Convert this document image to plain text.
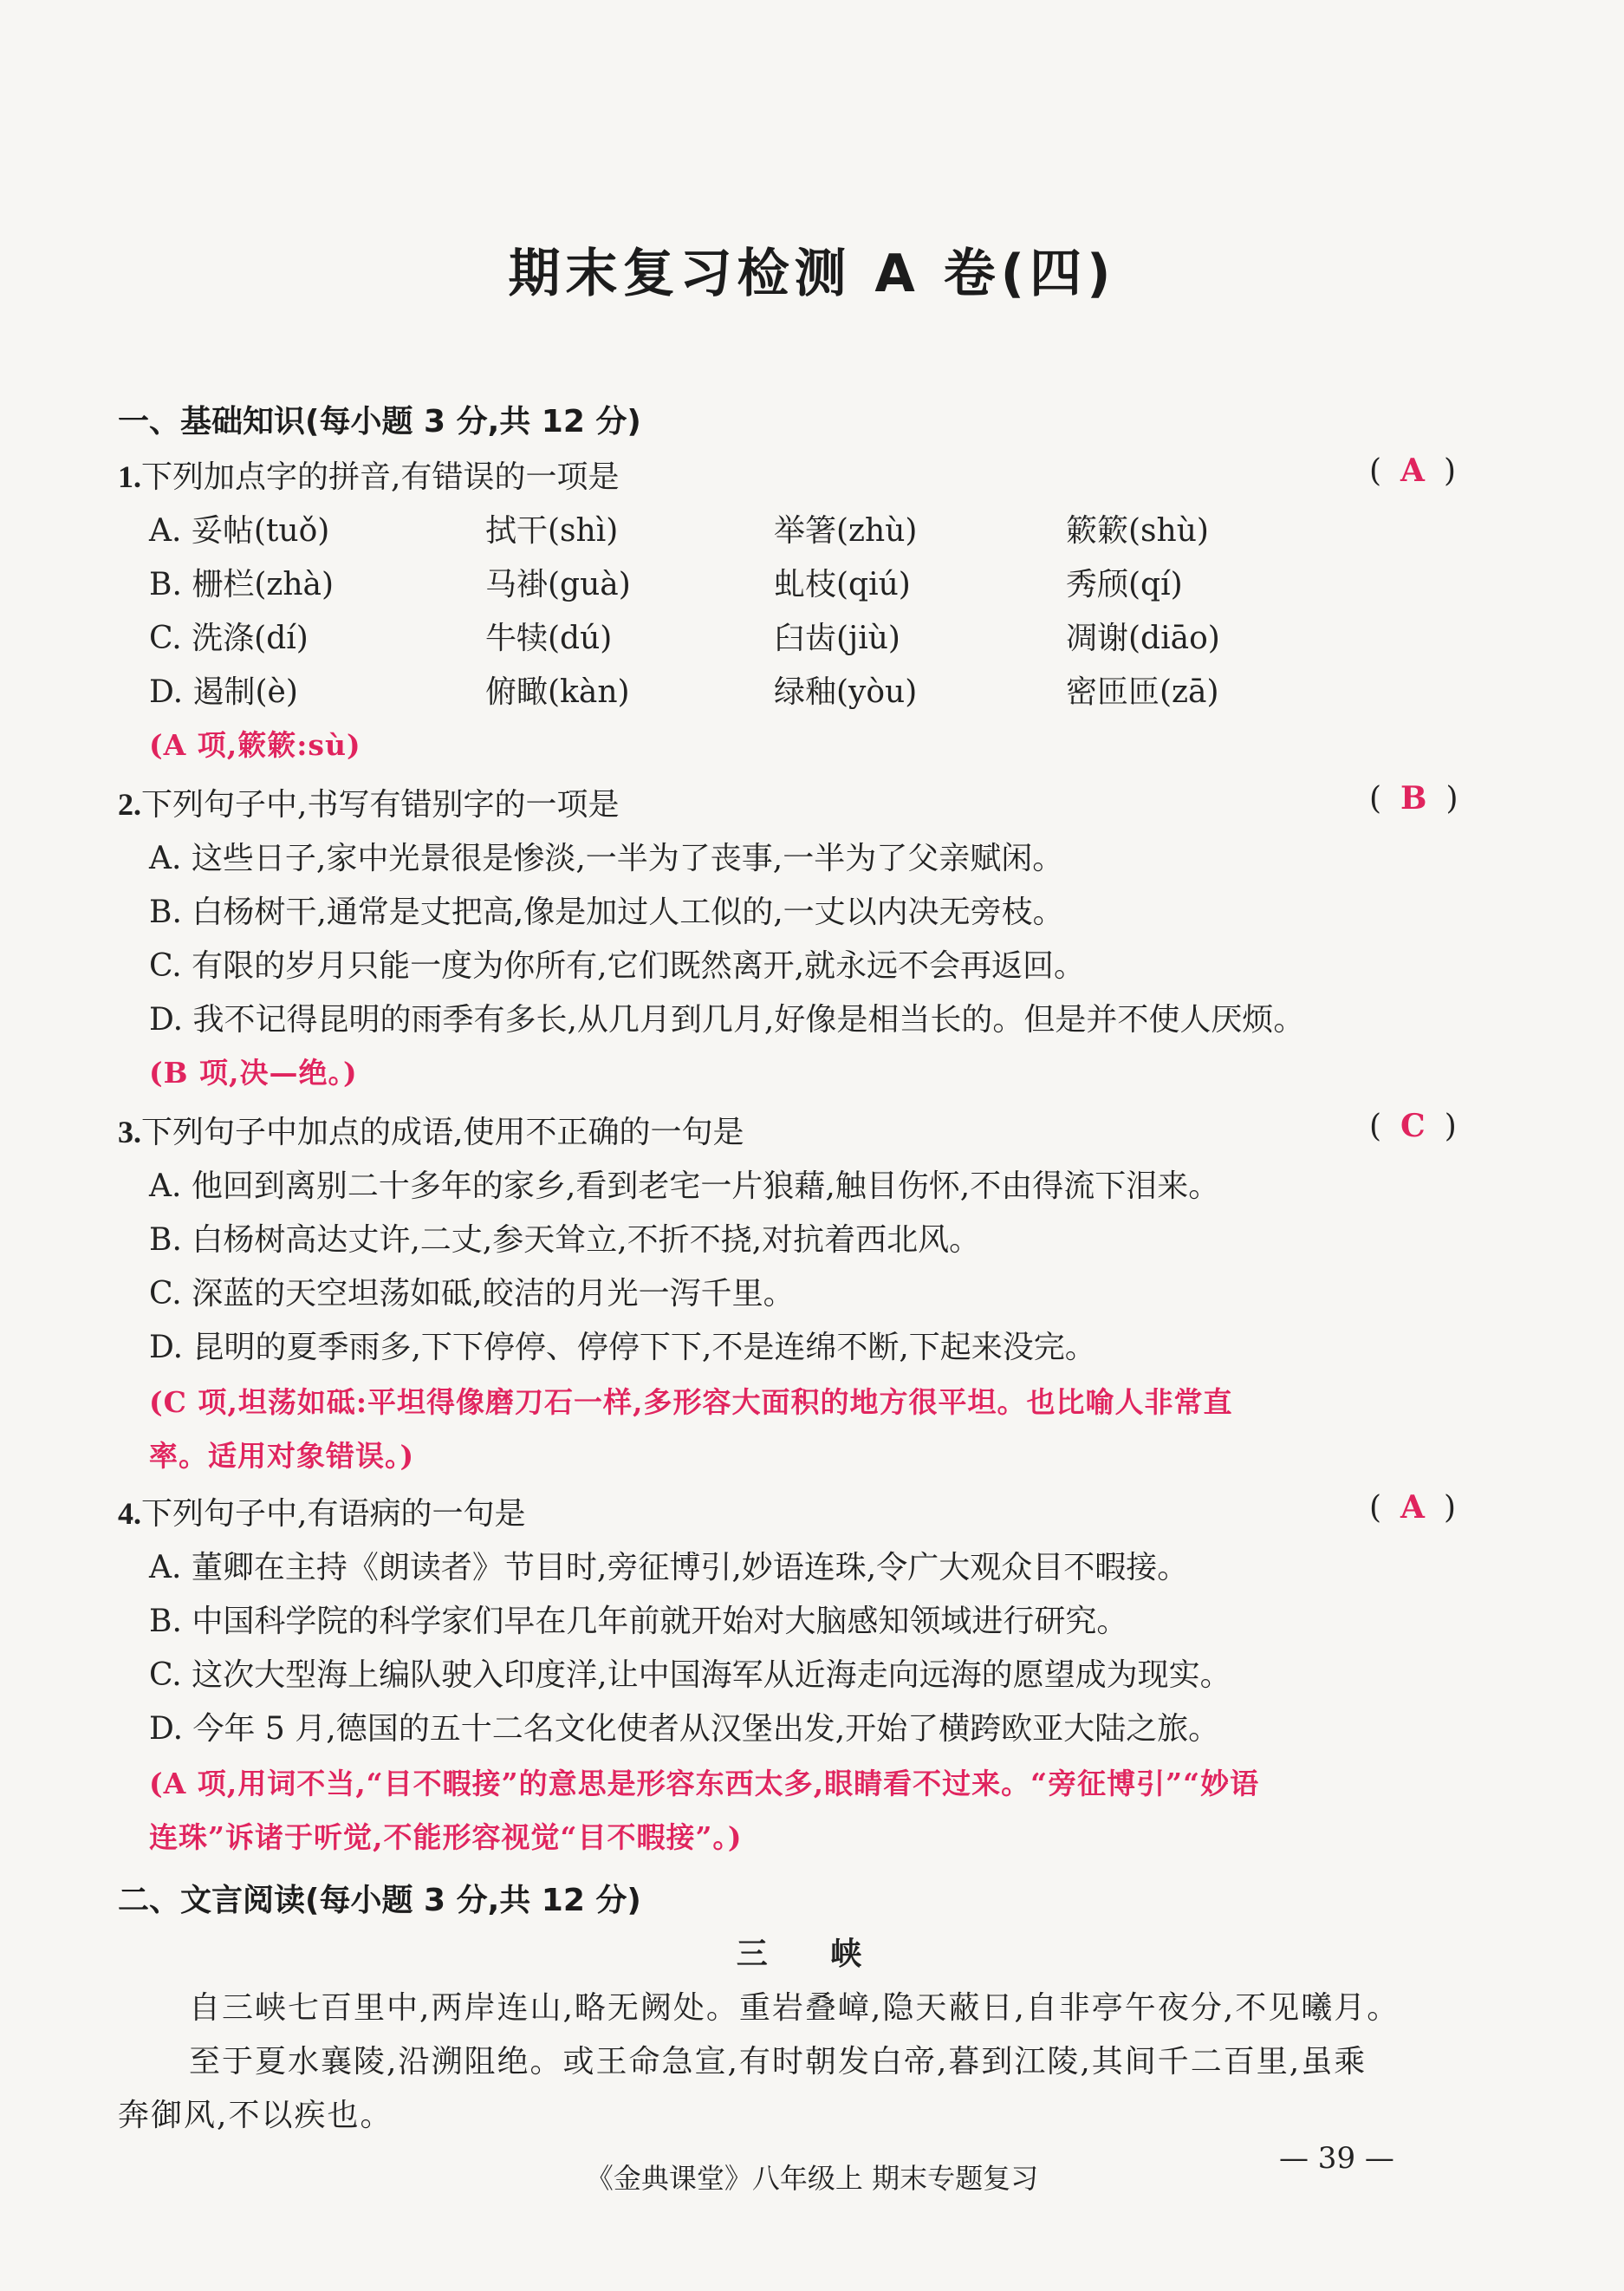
期末复习检测 A 卷(四)
一、基础知识(每小题 3 分,共 12 分)
1.下列加点字的拼音,有错误的一项是	( A )
A. 妥帖(tuǒ)	拭干(shì)	举箸(zhù)	簌簌(shù)
B. 栅栏(zhà)	马褂(guà)	虬枝(qiú)	秀颀(qí)
C. 洗涤(dí)	牛犊(dú)	臼齿(jiù)	凋谢(diāo)
D. 遏制(è)	俯瞰(kàn)	绿釉(yòu)	密匝匝(zā)
(A 项,簌簌:sù)
2.下列句子中,书写有错别字的一项是	( B )
A. 这些日子,家中光景很是惨淡,一半为了丧事,一半为了父亲赋闲。
B. 白杨树干,通常是丈把高,像是加过人工似的,一丈以内决无旁枝。
C. 有限的岁月只能一度为你所有,它们既然离开,就永远不会再返回。
D. 我不记得昆明的雨季有多长,从几月到几月,好像是相当长的。但是并不使人厌烦。
(B 项,决—绝。)
3.下列句子中加点的成语,使用不正确的一句是	( C )
A. 他回到离别二十多年的家乡,看到老宅一片狼藉,触目伤怀,不由得流下泪来。
B. 白杨树高达丈许,二丈,参天耸立,不折不挠,对抗着西北风。
C. 深蓝的天空坦荡如砥,皎洁的月光一泻千里。
D. 昆明的夏季雨多,下下停停、停停下下,不是连绵不断,下起来没完。
(C 项,坦荡如砥:平坦得像磨刀石一样,多形容大面积的地方很平坦。也比喻人非常直
率。适用对象错误。)
4.下列句子中,有语病的一句是	( A )
A. 董卿在主持《朗读者》节目时,旁征博引,妙语连珠,令广大观众目不暇接。
B. 中国科学院的科学家们早在几年前就开始对大脑感知领域进行研究。
C. 这次大型海上编队驶入印度洋,让中国海军从近海走向远海的愿望成为现实。
D. 今年 5 月,德国的五十二名文化使者从汉堡出发,开始了横跨欧亚大陆之旅。
(A 项,用词不当,“目不暇接”的意思是形容东西太多,眼睛看不过来。“旁征博引”“妙语
连珠”诉诸于听觉,不能形容视觉“目不暇接”。)
二、文言阅读(每小题 3 分,共 12 分)
三 峡
自三峡七百里中,两岸连山,略无阙处。重岩叠嶂,隐天蔽日,自非亭午夜分,不见曦月。
至于夏水襄陵,沿溯阻绝。或王命急宣,有时朝发白帝,暮到江陵,其间千二百里,虽乘
奔御风,不以疾也。
《金典课堂》八年级上 期末专题复习
— 39 —
